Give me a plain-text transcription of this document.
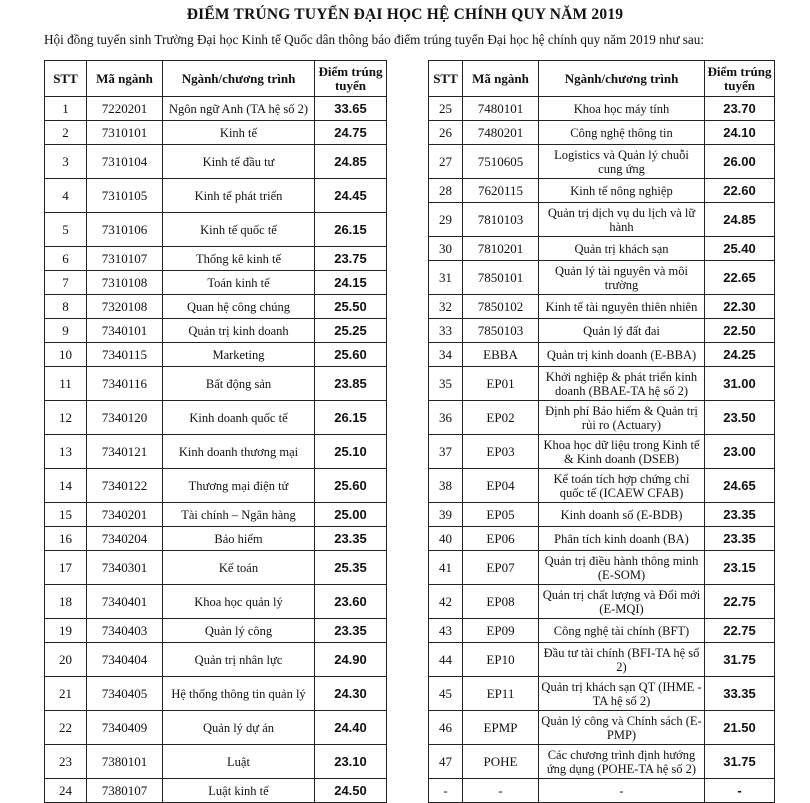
ĐIỂM TRÚNG TUYỂN ĐẠI HỌC HỆ CHÍNH QUY NĂM 2019
Hội đồng tuyển sinh Trường Đại học Kinh tế Quốc dân thông báo điểm trúng tuyển Đại học hệ chính quy năm 2019 như sau:
STT	Mã ngành	Ngành/chương trình	Điểm trúng tuyển
1	7220201	Ngôn ngữ Anh (TA hệ số 2)	33.65
2	7310101	Kinh tế	24.75
3	7310104	Kinh tế đầu tư	24.85
4	7310105	Kinh tế phát triển	24.45
5	7310106	Kinh tế quốc tế	26.15
6	7310107	Thống kê kinh tế	23.75
7	7310108	Toán kinh tế	24.15
8	7320108	Quan hệ công chúng	25.50
9	7340101	Quản trị kinh doanh	25.25
10	7340115	Marketing	25.60
11	7340116	Bất động sản	23.85
12	7340120	Kinh doanh quốc tế	26.15
13	7340121	Kinh doanh thương mại	25.10
14	7340122	Thương mại điện tử	25.60
15	7340201	Tài chính – Ngân hàng	25.00
16	7340204	Bảo hiểm	23.35
17	7340301	Kế toán	25.35
18	7340401	Khoa học quản lý	23.60
19	7340403	Quản lý công	23.35
20	7340404	Quản trị nhân lực	24.90
21	7340405	Hệ thống thông tin quản lý	24.30
22	7340409	Quản lý dự án	24.40
23	7380101	Luật	23.10
24	7380107	Luật kinh tế	24.50
STT	Mã ngành	Ngành/chương trình	Điểm trúng tuyển
25	7480101	Khoa học máy tính	23.70
26	7480201	Công nghệ thông tin	24.10
27	7510605	Logistics và Quản lý chuỗi cung ứng	26.00
28	7620115	Kinh tế nông nghiệp	22.60
29	7810103	Quản trị dịch vụ du lịch và lữ hành	24.85
30	7810201	Quản trị khách sạn	25.40
31	7850101	Quản lý tài nguyên và môi trường	22.65
32	7850102	Kinh tế tài nguyên thiên nhiên	22.30
33	7850103	Quản lý đất đai	22.50
34	EBBA	Quản trị kinh doanh (E-BBA)	24.25
35	EP01	Khởi nghiệp & phát triển kinh doanh (BBAE-TA hệ số 2)	31.00
36	EP02	Định phí Bảo hiểm & Quản trị rủi ro (Actuary)	23.50
37	EP03	Khoa học dữ liệu trong Kinh tế & Kinh doanh (DSEB)	23.00
38	EP04	Kế toán tích hợp chứng chỉ quốc tế (ICAEW CFAB)	24.65
39	EP05	Kinh doanh số (E-BDB)	23.35
40	EP06	Phân tích kinh doanh (BA)	23.35
41	EP07	Quản trị điều hành thông minh (E-SOM)	23.15
42	EP08	Quản trị chất lượng và Đổi mới (E-MQI)	22.75
43	EP09	Công nghệ tài chính (BFT)	22.75
44	EP10	Đầu tư tài chính (BFI-TA hệ số 2)	31.75
45	EP11	Quản trị khách sạn QT (IHME - TA hệ số 2)	33.35
46	EPMP	Quản lý công và Chính sách (E-PMP)	21.50
47	POHE	Các chương trình định hướng ứng dụng (POHE-TA hệ số 2)	31.75
-	-	-	-
